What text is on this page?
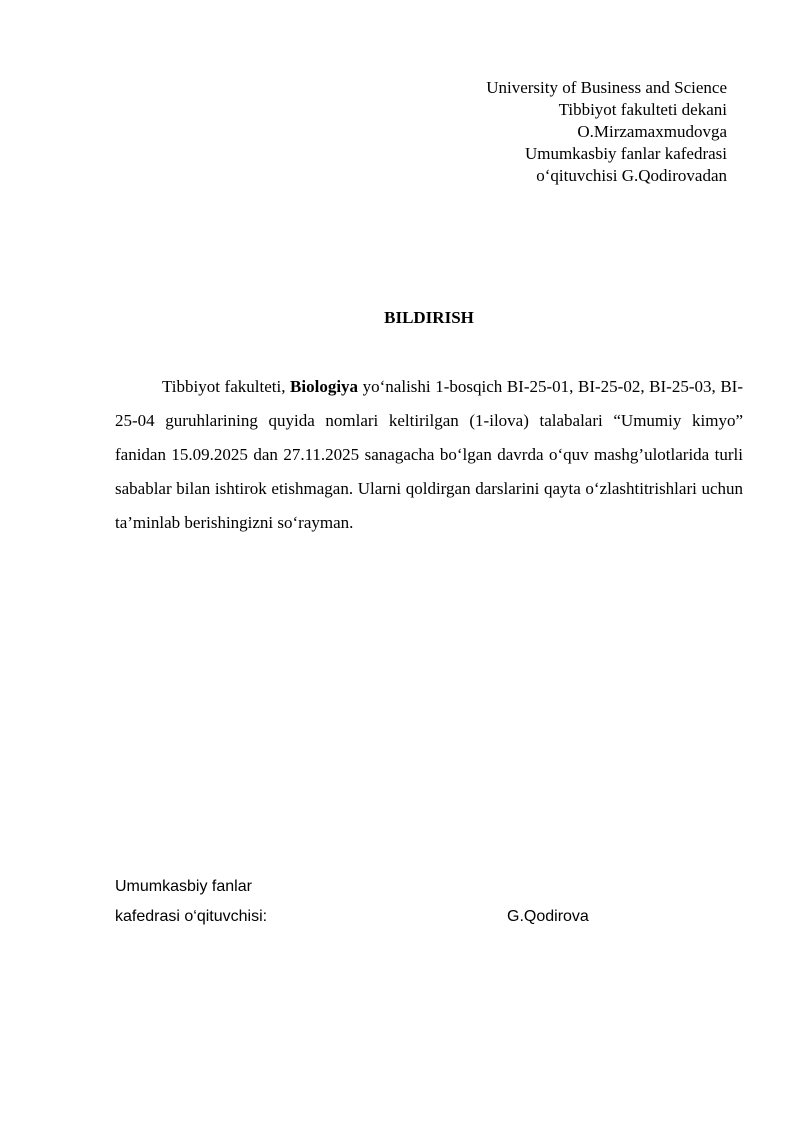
University of Business and Science
Tibbiyot fakulteti dekani
O.Mirzamaxmudovga
Umumkasbiy fanlar kafedrasi
o‘qituvchisi G.Qodirovadan
BILDIRISH

Tibbiyot fakulteti, Biologiya yo‘nalishi 1-bosqich BI-25-01, BI-25-02, BI-25-03, BI-25-04 guruhlarining quyida nomlari keltirilgan (1-ilova) talabalari “Umumiy kimyo” fanidan 15.09.2025 dan 27.11.2025 sanagacha bo‘lgan davrda o‘quv mashg’ulotlarida turli sabablar bilan ishtirok etishmagan. Ularni qoldirgan darslarini qayta o‘zlashtitrishlari uchun ta’minlab berishingizni so‘rayman.

Umumkasbiy fanlar
kafedrasi o‘qituvchisi:	G.Qodirova
